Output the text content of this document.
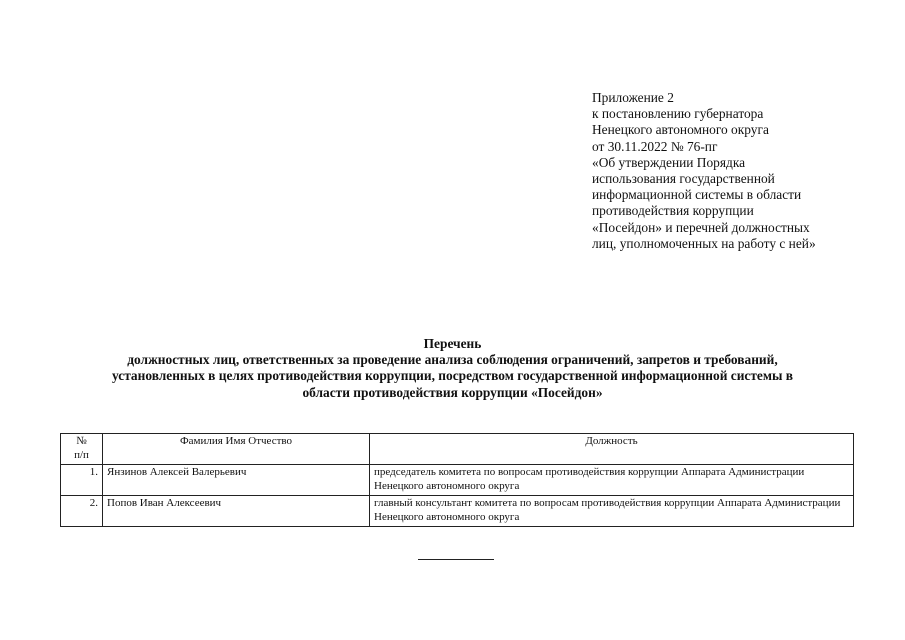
Приложение 2
к постановлению губернатора
Ненецкого автономного округа
от 30.11.2022 № 76-пг
«Об утверждении Порядка
использования государственной
информационной системы в области
противодействия коррупции
«Посейдон» и перечней должностных
лиц, уполномоченных на работу с ней»
Перечень
должностных лиц, ответственных за проведение анализа соблюдения ограничений, запретов и требований,
установленных в целях противодействия коррупции, посредством государственной информационной системы в
области противодействия коррупции «Посейдон»
№
п/п	Фамилия Имя Отчество	Должность
1.	Янзинов Алексей Валерьевич	председатель комитета по вопросам противодействия коррупции Аппарата Администрации Ненецкого автономного округа
2.	Попов Иван Алексеевич	главный консультант комитета по вопросам противодействия коррупции Аппарата Администрации Ненецкого автономного округа
